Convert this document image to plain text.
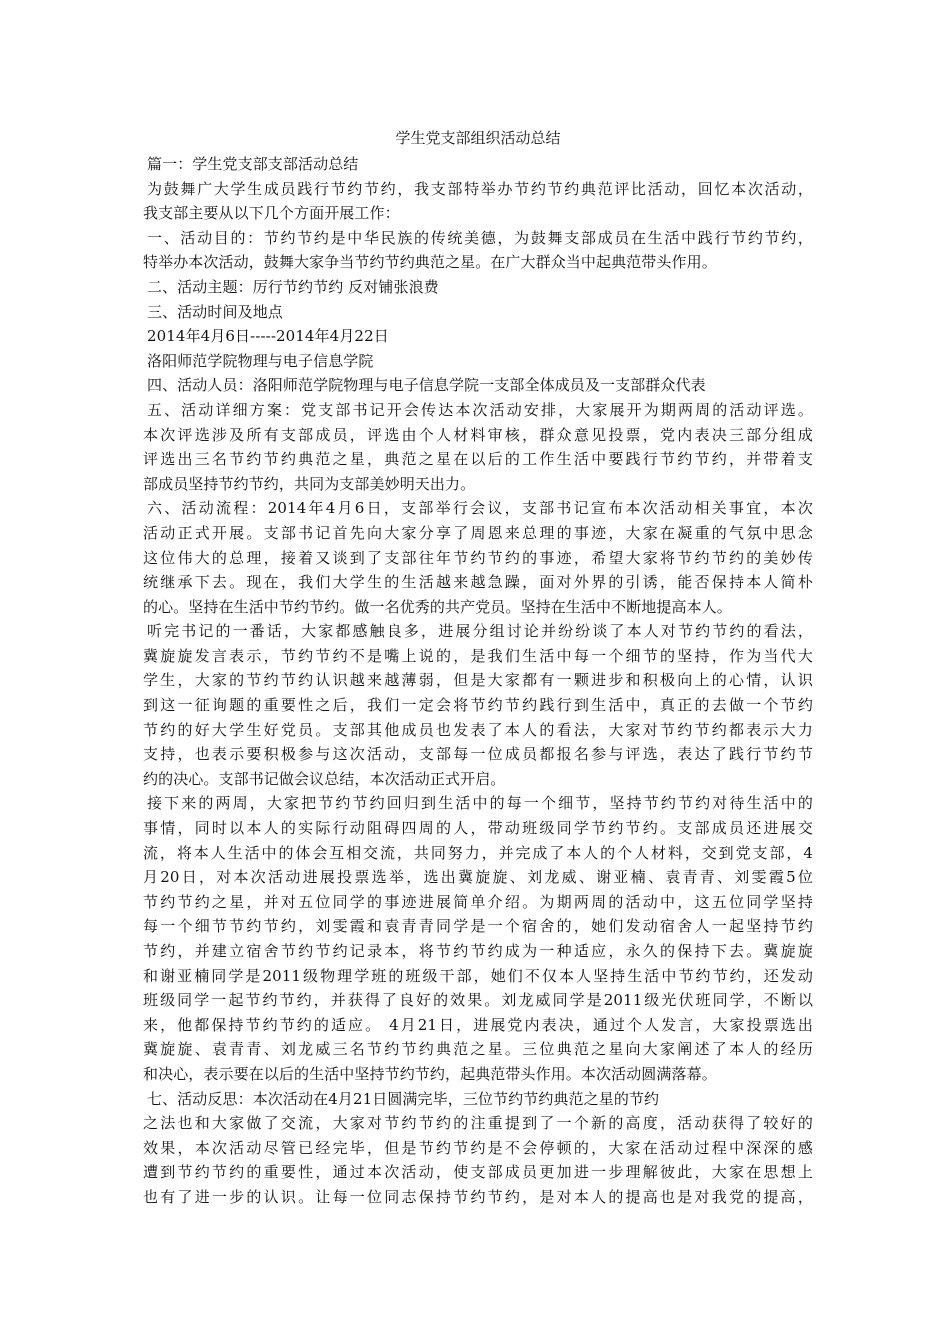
学生党支部组织活动总结
篇一：学生党支部支部活动总结
为鼓舞广大学生成员践行节约节约，我支部特举办节约节约典范评比活动，回忆本次活动，
我支部主要从以下几个方面开展工作：
一、活动目的：节约节约是中华民族的传统美德，为鼓舞支部成员在生活中践行节约节约，
特举办本次活动，鼓舞大家争当节约节约典范之星。在广大群众当中起典范带头作用。
二、活动主题：厉行节约节约 反对铺张浪费
三、活动时间及地点
2014年4月6日-----2014年4月22日
洛阳师范学院物理与电子信息学院
四、活动人员：洛阳师范学院物理与电子信息学院一支部全体成员及一支部群众代表
五、活动详细方案：党支部书记开会传达本次活动安排，大家展开为期两周的活动评选。
本次评选涉及所有支部成员，评选由个人材料审核，群众意见投票，党内表决三部分组成
评选出三名节约节约典范之星，典范之星在以后的工作生活中要践行节约节约，并带着支
部成员坚持节约节约，共同为支部美妙明天出力。
六、活动流程：2014年4月6日，支部举行会议，支部书记宣布本次活动相关事宜，本次
活动正式开展。支部书记首先向大家分享了周恩来总理的事迹，大家在凝重的气氛中思念
这位伟大的总理，接着又谈到了支部往年节约节约的事迹，希望大家将节约节约的美妙传
统继承下去。现在，我们大学生的生活越来越急躁，面对外界的引诱，能否保持本人简朴
的心。坚持在生活中节约节约。做一名优秀的共产党员。坚持在生活中不断地提高本人。
听完书记的一番话，大家都感触良多，进展分组讨论并纷纷谈了本人对节约节约的看法，
冀旋旋发言表示，节约节约不是嘴上说的，是我们生活中每一个细节的坚持，作为当代大
学生，大家的节约节约认识越来越薄弱，但是大家都有一颗进步和积极向上的心情，认识
到这一征询题的重要性之后，我们一定会将节约节约践行到生活中，真正的去做一个节约
节约的好大学生好党员。支部其他成员也发表了本人的看法，大家对节约节约都表示大力
支持，也表示要积极参与这次活动，支部每一位成员都报名参与评选，表达了践行节约节
约的决心。支部书记做会议总结，本次活动正式开启。
接下来的两周，大家把节约节约回归到生活中的每一个细节，坚持节约节约对待生活中的
事情，同时以本人的实际行动阻碍四周的人，带动班级同学节约节约。支部成员还进展交
流，将本人生活中的体会互相交流，共同努力，并完成了本人的个人材料，交到党支部，4
月20日，对本次活动进展投票选举，选出冀旋旋、刘龙威、谢亚楠、袁青青、刘雯霞5位
节约节约之星，并对五位同学的事迹进展简单介绍。为期两周的活动中，这五位同学坚持
每一个细节节约节约，刘雯霞和袁青青同学是一个宿舍的，她们发动宿舍人一起坚持节约
节约，并建立宿舍节约节约记录本，将节约节约成为一种适应，永久的保持下去。冀旋旋
和谢亚楠同学是2011级物理学班的班级干部，她们不仅本人坚持生活中节约节约，还发动
班级同学一起节约节约，并获得了良好的效果。刘龙威同学是2011级光伏班同学，不断以
来，他都保持节约节约的适应。 4月21日，进展党内表决，通过个人发言，大家投票选出
冀旋旋、袁青青、刘龙威三名节约节约典范之星。三位典范之星向大家阐述了本人的经历
和决心，表示要在以后的生活中坚持节约节约，起典范带头作用。本次活动圆满落幕。
七、活动反思：本次活动在4月21日圆满完毕，三位节约节约典范之星的节约
之法也和大家做了交流，大家对节约节约的注重提到了一个新的高度，活动获得了较好的
效果，本次活动尽管已经完毕，但是节约节约是不会停顿的，大家在活动过程中深深的感
遭到节约节约的重要性，通过本次活动，使支部成员更加进一步理解彼此，大家在思想上
也有了进一步的认识。让每一位同志保持节约节约，是对本人的提高也是对我党的提高，
